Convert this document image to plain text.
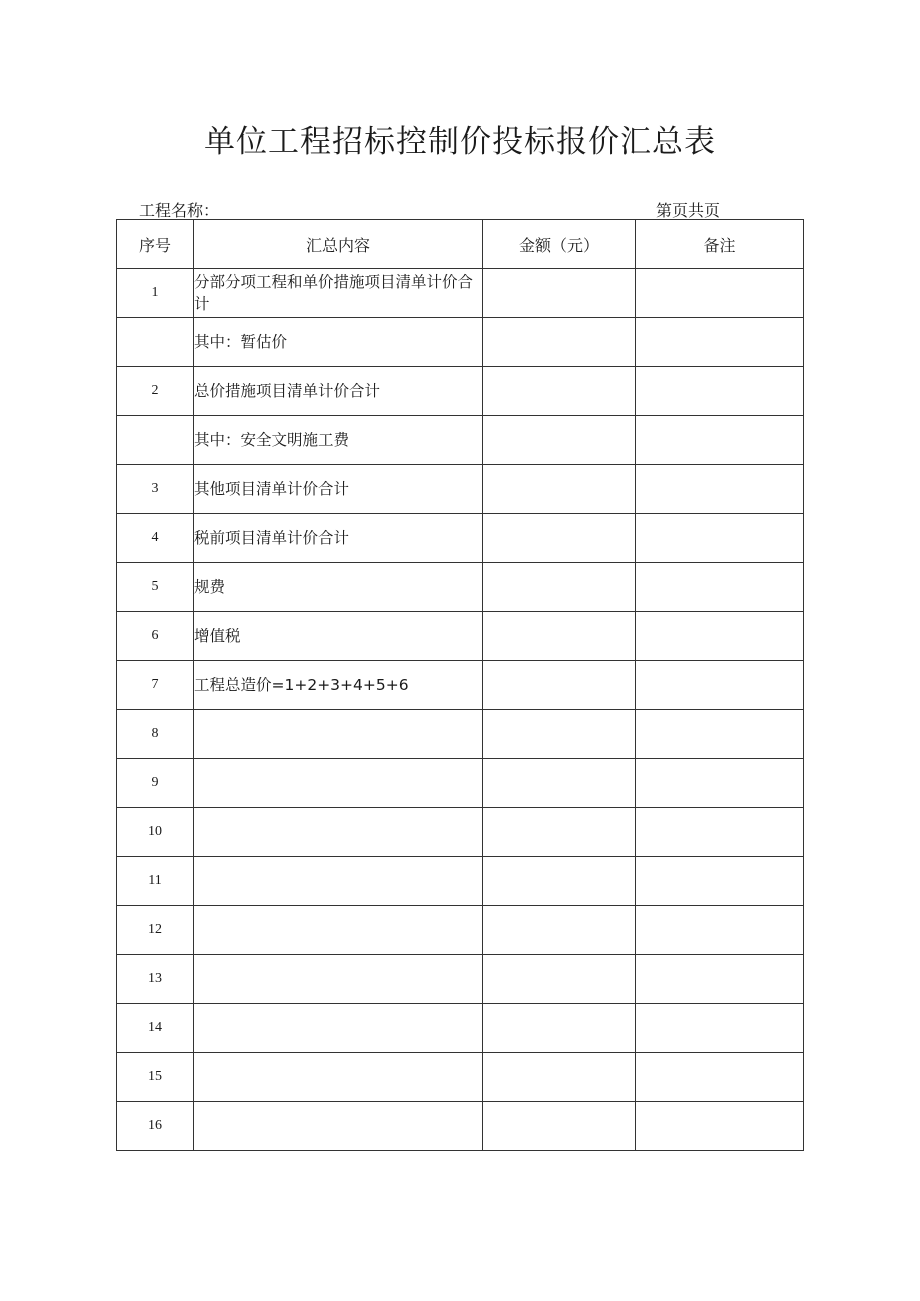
单位工程招标控制价投标报价汇总表
工程名称：	第页共页
序号	汇总内容	金额（元）	备注
1	分部分项工程和单价措施项目清单计价合计		

	其中：暂估价		
2	总价措施项目清单计价合计		
	其中：安全文明施工费		
3	其他项目清单计价合计		
4	税前项目清单计价合计		
5	规费		
6	增值税		
7	工程总造价=1+2+3+4+5+6		
8			
9			
10			
11			
12			
13			
14			
15			
16			
